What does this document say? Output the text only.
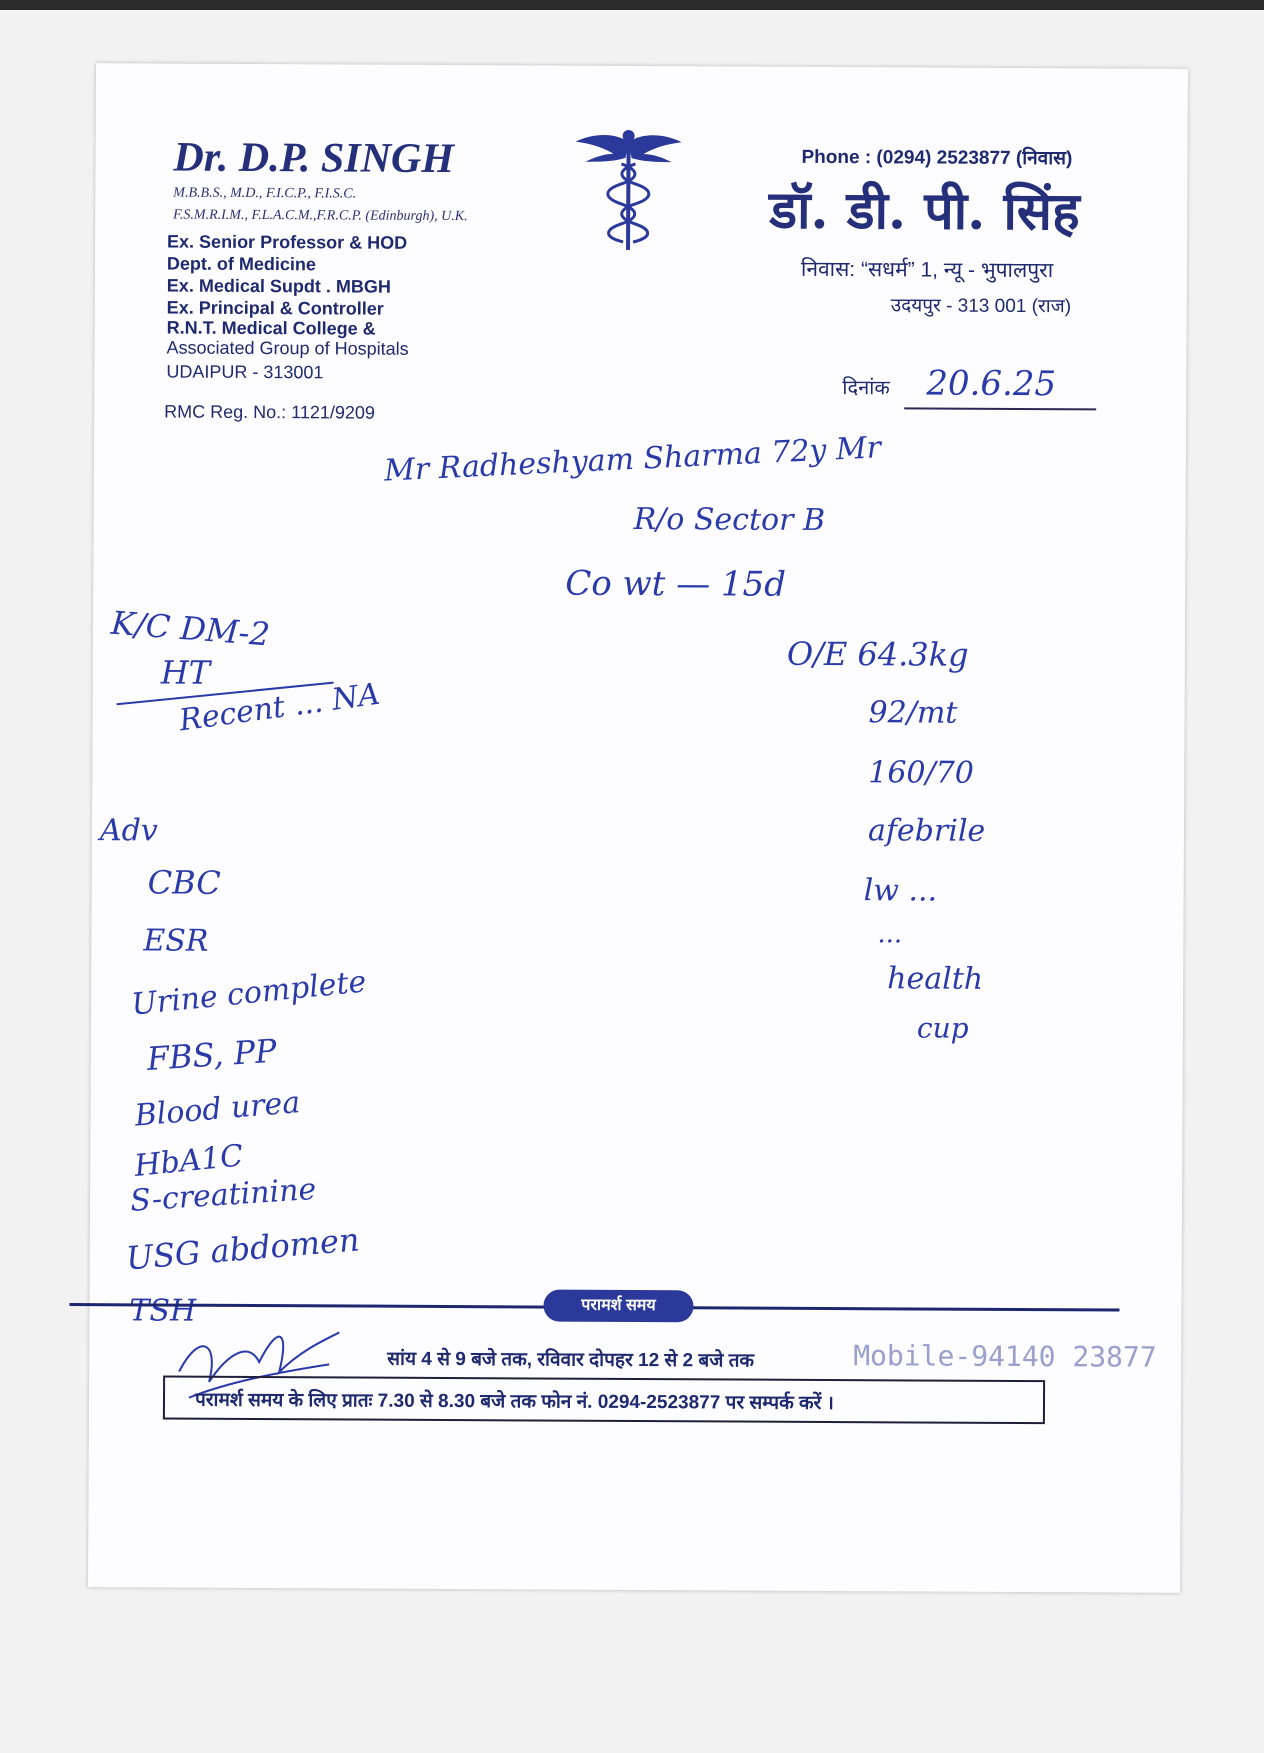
Dr. D.P. SINGH
M.B.B.S., M.D., F.I.C.P., F.I.S.C.
F.S.M.R.I.M., F.L.A.C.M.,F.R.C.P. (Edinburgh), U.K.
Ex. Senior Professor & HOD
Dept. of Medicine
Ex. Medical Supdt . MBGH
Ex. Principal & Controller
R.N.T. Medical College &
Associated Group of Hospitals
UDAIPUR - 313001
RMC Reg. No.: 1121/9209
Phone : (0294) 2523877 (निवास)
डॉ. डी. पी. सिंह
निवास: “सधर्म” 1, न्यू - भुपालपुरा
उदयपुर - 313 001 (राज)
दिनांक 20.6.25
Mr Radheshyam Sharma 72y Mr
R/o Sector B
Co wt — 15d
K/C DM-2
HT
Recent ... NA
O/E 64.3kg
92/mt
160/70
afebrile
lw ...
...
health
cup
Adv
CBC
ESR
Urine complete
FBS, PP
Blood urea
HbA1C
S-creatinine
USG abdomen
TSH	परामर्श समय
सांय 4 से 9 बजे तक, रविवार दोपहर 12 से 2 बजे तक	Mobile-94140 23877
परामर्श समय के लिए प्रातः 7.30 से 8.30 बजे तक फोन नं. 0294-2523877 पर सम्पर्क करें ।
